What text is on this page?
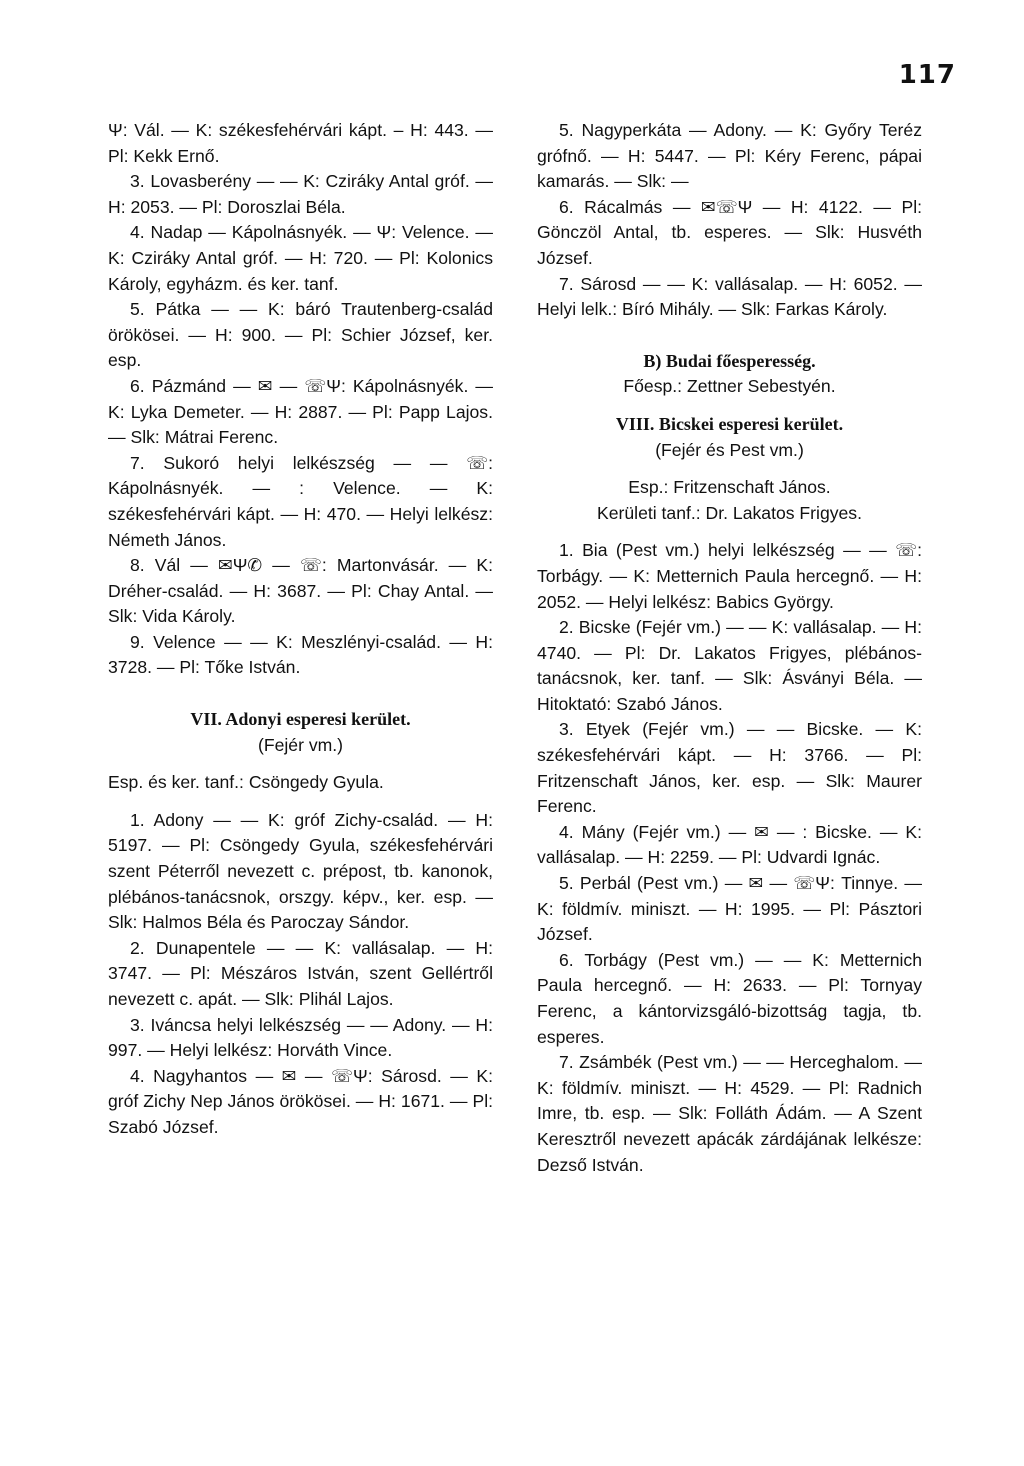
117

Ψ: Vál. — K: székesfehérvári kápt. – H: 443. — Pl: Kekk Ernő.

3. Lovasberény — — K: Cziráky Antal gróf. — H: 2053. — Pl: Doroszlai Béla.

4. Nadap — Kápolnásnyék. — Ψ: Velence. — K: Cziráky Antal gróf. — H: 720. — Pl: Kolonics Károly, egyházm. és ker. tanf.

5. Pátka — — K: báró Trautenberg-család örökösei. — H: 900. — Pl: Schier József, ker. esp.

6. Pázmánd — ✉ — ☏Ψ: Kápolnásnyék. — K: Lyka Demeter. — H: 2887. — Pl: Papp Lajos. — Slk: Mátrai Ferenc.

7. Sukoró helyi lelkészség — — ☏: Kápolnásnyék. — : Velence. — K: székesfehérvári kápt. — H: 470. — Helyi lelkész: Németh János.

8. Vál — ✉Ψ✆ — ☏: Martonvásár. — K: Dréher-család. — H: 3687. — Pl: Chay Antal. — Slk: Vida Károly.

9. Velence — — K: Meszlényi-család. — H: 3728. — Pl: Tőke István.

VII. Adonyi esperesi kerület.

(Fejér vm.)

Esp. és ker. tanf.: Csöngedy Gyula.

1. Adony — — K: gróf Zichy-család. — H: 5197. — Pl: Csöngedy Gyula, székesfehérvári szent Péterről nevezett c. prépost, tb. kanonok, plébános-tanácsnok, orszgy. képv., ker. esp. — Slk: Halmos Béla és Paroczay Sándor.

2. Dunapentele — — K: vallásalap. — H: 3747. — Pl: Mészáros István, szent Gellértről nevezett c. apát. — Slk: Plihál Lajos.

3. Iváncsa helyi lelkészség — — Adony. — H: 997. — Helyi lelkész: Horváth Vince.

4. Nagyhantos — ✉ — ☏Ψ: Sárosd. — K: gróf Zichy Nep János örökösei. — H: 1671. — Pl: Szabó József.

5. Nagyperkáta — Adony. — K: Győry Teréz grófnő. — H: 5447. — Pl: Kéry Ferenc, pápai kamarás. — Slk: —

6. Rácalmás — ✉☏Ψ — H: 4122. — Pl: Gönczöl Antal, tb. esperes. — Slk: Husvéth József.

7. Sárosd — — K: vallásalap. — H: 6052. — Helyi lelk.: Bíró Mihály. — Slk: Farkas Károly.

B) Budai főesperesség.

Főesp.: Zettner Sebestyén.

VIII. Bicskei esperesi kerület.

(Fejér és Pest vm.)

Esp.: Fritzenschaft János.

Kerületi tanf.: Dr. Lakatos Frigyes.

1. Bia (Pest vm.) helyi lelkészség — — ☏: Torbágy. — K: Metternich Paula hercegnő. — H: 2052. — Helyi lelkész: Babics György.

2. Bicske (Fejér vm.) — — K: vallásalap. — H: 4740. — Pl: Dr. Lakatos Frigyes, plébános-tanácsnok, ker. tanf. — Slk: Ásványi Béla. — Hitoktató: Szabó János.

3. Etyek (Fejér vm.) — — Bicske. — K: székesfehérvári kápt. — H: 3766. — Pl: Fritzenschaft János, ker. esp. — Slk: Maurer Ferenc.

4. Mány (Fejér vm.) — ✉ — : Bicske. — K: vallásalap. — H: 2259. — Pl: Udvardi Ignác.

5. Perbál (Pest vm.) — ✉ — ☏Ψ: Tinnye. — K: földmív. miniszt. — H: 1995. — Pl: Pásztori József.

6. Torbágy (Pest vm.) — — K: Metternich Paula hercegnő. — H: 2633. — Pl: Tornyay Ferenc, a kántorvizsgáló-bizottság tagja, tb. esperes.

7. Zsámbék (Pest vm.) — — Herceghalom. — K: földmív. miniszt. — H: 4529. — Pl: Radnich Imre, tb. esp. — Slk: Folláth Ádám. — A Szent Keresztről nevezett apácák zárdájának lelkésze: Dezső István.
